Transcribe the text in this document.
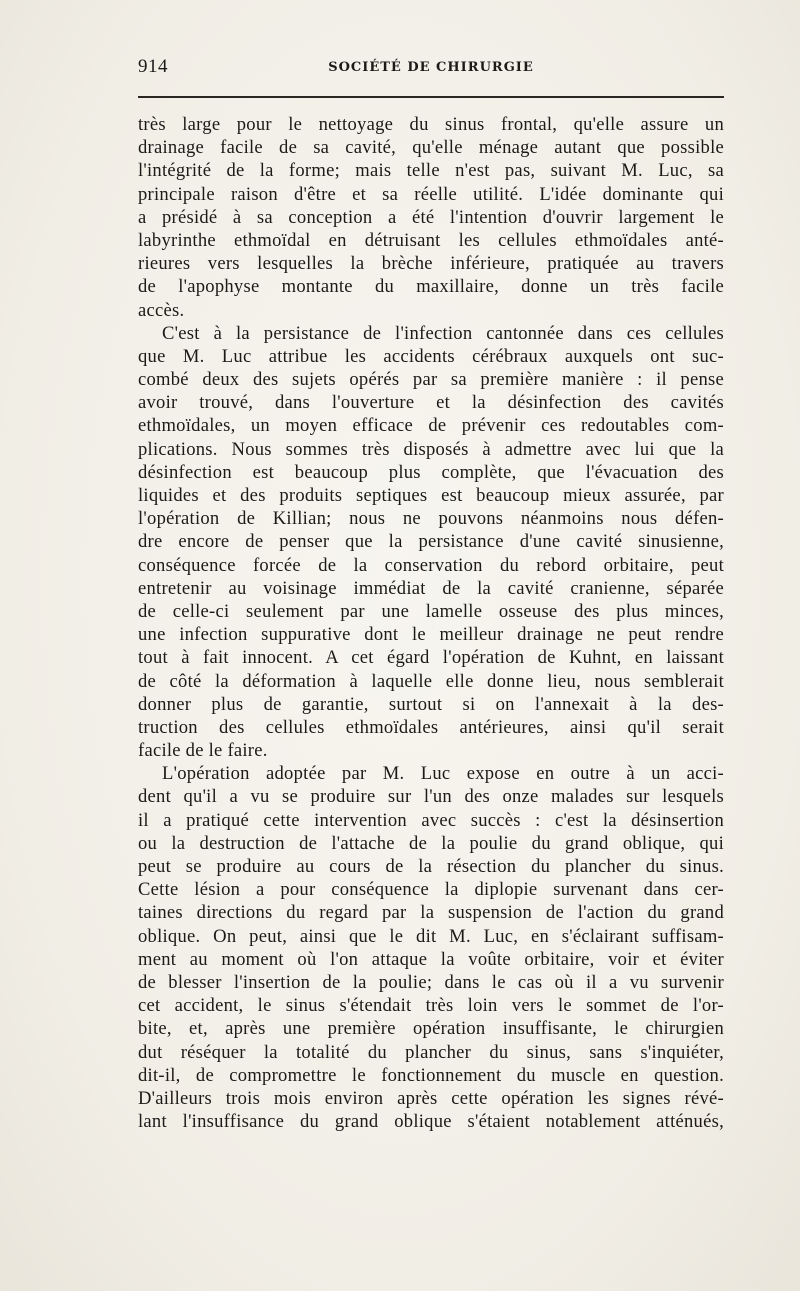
914	SOCIÉTÉ DE CHIRURGIE
très large pour le nettoyage du sinus frontal, qu'elle assure un
drainage facile de sa cavité, qu'elle ménage autant que possible
l'intégrité de la forme; mais telle n'est pas, suivant M. Luc, sa
principale raison d'être et sa réelle utilité. L'idée dominante qui
a présidé à sa conception a été l'intention d'ouvrir largement le
labyrinthe ethmoïdal en détruisant les cellules ethmoïdales anté-
rieures vers lesquelles la brèche inférieure, pratiquée au travers
de l'apophyse montante du maxillaire, donne un très facile
accès.
C'est à la persistance de l'infection cantonnée dans ces cellules
que M. Luc attribue les accidents cérébraux auxquels ont suc-
combé deux des sujets opérés par sa première manière : il pense
avoir trouvé, dans l'ouverture et la désinfection des cavités
ethmoïdales, un moyen efficace de prévenir ces redoutables com-
plications. Nous sommes très disposés à admettre avec lui que la
désinfection est beaucoup plus complète, que l'évacuation des
liquides et des produits septiques est beaucoup mieux assurée, par
l'opération de Killian; nous ne pouvons néanmoins nous défen-
dre encore de penser que la persistance d'une cavité sinusienne,
conséquence forcée de la conservation du rebord orbitaire, peut
entretenir au voisinage immédiat de la cavité cranienne, séparée
de celle-ci seulement par une lamelle osseuse des plus minces,
une infection suppurative dont le meilleur drainage ne peut rendre
tout à fait innocent. A cet égard l'opération de Kuhnt, en laissant
de côté la déformation à laquelle elle donne lieu, nous semblerait
donner plus de garantie, surtout si on l'annexait à la des-
truction des cellules ethmoïdales antérieures, ainsi qu'il serait
facile de le faire.
L'opération adoptée par M. Luc expose en outre à un acci-
dent qu'il a vu se produire sur l'un des onze malades sur lesquels
il a pratiqué cette intervention avec succès : c'est la désinsertion
ou la destruction de l'attache de la poulie du grand oblique, qui
peut se produire au cours de la résection du plancher du sinus.
Cette lésion a pour conséquence la diplopie survenant dans cer-
taines directions du regard par la suspension de l'action du grand
oblique. On peut, ainsi que le dit M. Luc, en s'éclairant suffisam-
ment au moment où l'on attaque la voûte orbitaire, voir et éviter
de blesser l'insertion de la poulie; dans le cas où il a vu survenir
cet accident, le sinus s'étendait très loin vers le sommet de l'or-
bite, et, après une première opération insuffisante, le chirurgien
dut réséquer la totalité du plancher du sinus, sans s'inquiéter,
dit-il, de compromettre le fonctionnement du muscle en question.
D'ailleurs trois mois environ après cette opération les signes révé-
lant l'insuffisance du grand oblique s'étaient notablement atténués,
